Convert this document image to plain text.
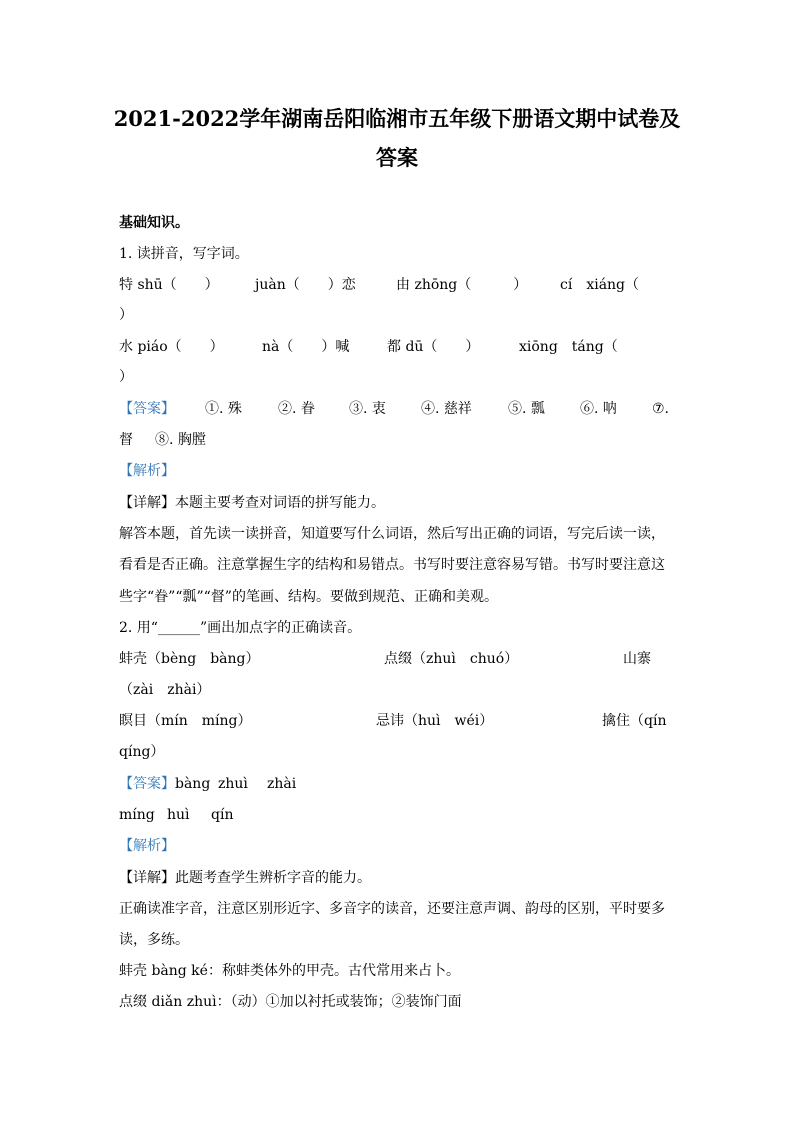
2021-2022学年湖南岳阳临湘市五年级下册语文期中试卷及
答案
基础知识。
1. 读拼音，写字词。
特 shū（　　）	juàn（　　）恋	由 zhōng（　　　） cí　xiáng（
）
水 piáo（　　）	nà（　　）喊	都 dū（　　）	xiōng　táng（
）
【答案】 ①. 殊	②. 眷 ③. 衷	④. 慈祥	⑤. 瓢	⑥. 呐	⑦.
督 ⑧. 胸膛
【解析】
【详解】本题主要考查对词语的拼写能力。
解答本题，首先读一读拼音，知道要写什么词语，然后写出正确的词语，写完后读一读，
看看是否正确。注意掌握生字的结构和易错点。书写时要注意容易写错。书写时要注意这
些字“眷”“瓢”“督”的笔画、结构。要做到规范、正确和美观。
2. 用“______”画出加点字的正确读音。
蚌壳（bèng　bàng）	点缀（zhuì　chuó）	山寨
（zài　zhài）
瞑目（mín　míng）	忌讳（huì　wéi）	擒住（qín
qíng）
【答案】 bàng zhuì zhài
míng huì qín
【解析】
【详解】此题考查学生辨析字音的能力。
正确读准字音，注意区别形近字、多音字的读音，还要注意声调、韵母的区别，平时要多
读，多练。
蚌壳 bàng ké：称蚌类体外的甲壳。古代常用来占卜。
点缀 diǎn zhuì：（动）①加以衬托或装饰；②装饰门面
